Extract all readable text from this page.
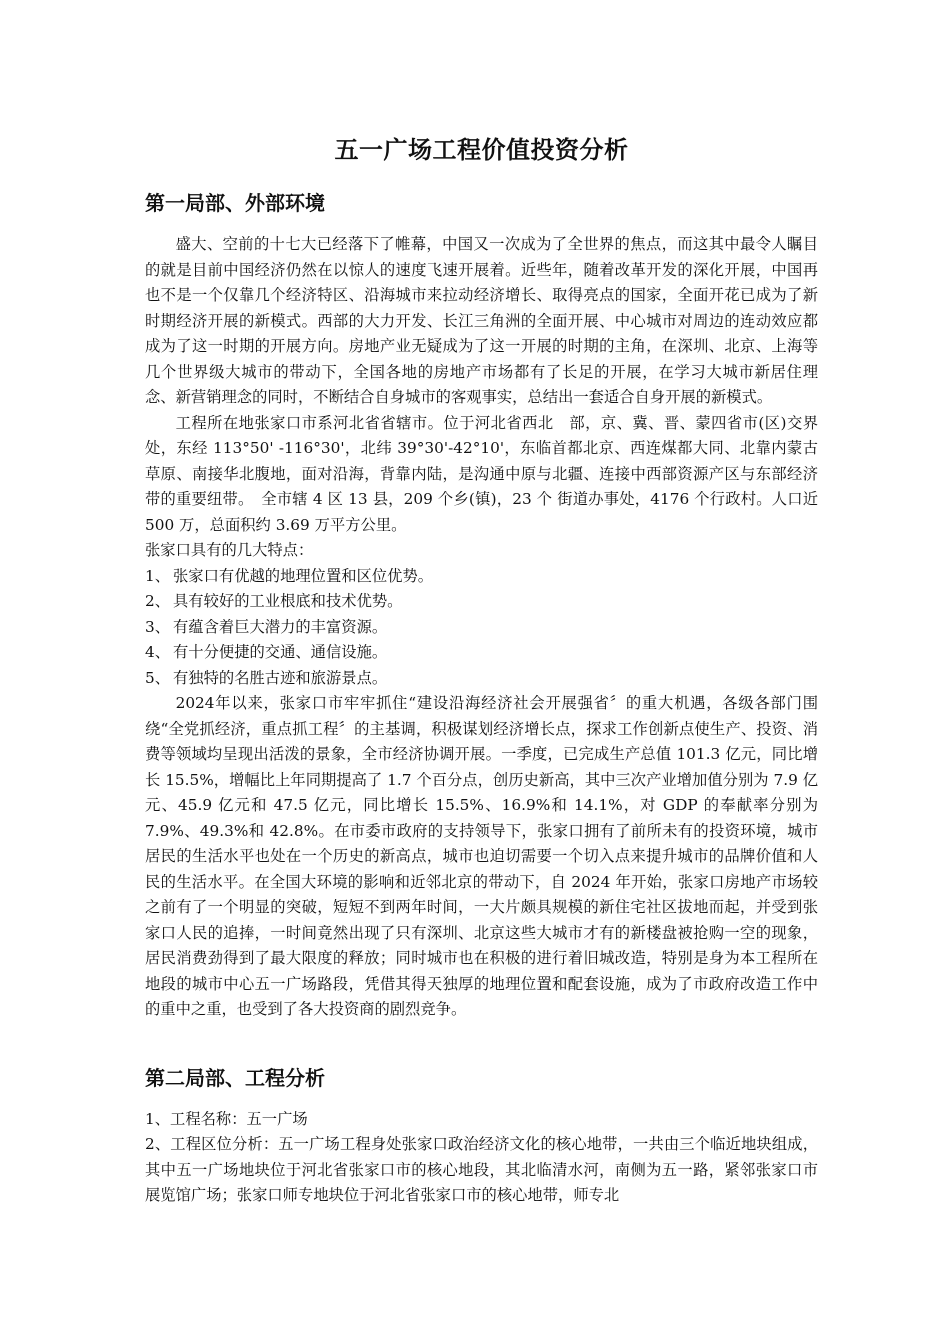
五一广场工程价值投资分析
第一局部、外部环境

盛大、空前的十七大已经落下了帷幕，中国又一次成为了全世界的焦点，而这其中最令人瞩目的就是目前中国经济仍然在以惊人的速度飞速开展着。近些年，随着改革开发的深化开展，中国再也不是一个仅靠几个经济特区、沿海城市来拉动经济增长、取得亮点的国家，全面开花已成为了新时期经济开展的新模式。西部的大力开发、长江三角洲的全面开展、中心城市对周边的连动效应都成为了这一时期的开展方向。房地产业无疑成为了这一开展的时期的主角，在深圳、北京、上海等几个世界级大城市的带动下，全国各地的房地产市场都有了长足的开展，在学习大城市新居住理念、新营销理念的同时，不断结合自身城市的客观事实，总结出一套适合自身开展的新模式。

工程所在地张家口市系河北省省辖市。位于河北省西北　部，京、冀、晋、蒙四省市(区)交界处，东经 113°50' -116°30'，北纬 39°30'-42°10'，东临首都北京、西连煤都大同、北靠内蒙古草原、南接华北腹地，面对沿海，背靠内陆，是沟通中原与北疆、连接中西部资源产区与东部经济带的重要纽带。　全市辖 4 区 13 县，209 个乡(镇)，23 个 街道办事处，4176 个行政村。人口近 500 万，总面积约 3.69 万平方公里。

张家口具有的几大特点：

1、 张家口有优越的地理位置和区位优势。
2、 具有较好的工业根底和技术优势。
3、 有蕴含着巨大潜力的丰富资源。
4、 有十分便捷的交通、通信设施。
5、 有独特的名胜古迹和旅游景点。

2024年以来，张家口市牢牢抓住“建设沿海经济社会开展强省〞的重大机遇，各级各部门围绕“全党抓经济，重点抓工程〞的主基调，积极谋划经济增长点，探求工作创新点使生产、投资、消费等领域均呈现出活泼的景象，全市经济协调开展。一季度，已完成生产总值 101.3 亿元，同比增长 15.5%，增幅比上年同期提高了 1.7 个百分点，创历史新高，其中三次产业增加值分别为 7.9 亿元、45.9 亿元和 47.5 亿元，同比增长 15.5%、16.9%和 14.1%，对 GDP 的奉献率分别为 7.9%、49.3%和 42.8%。在市委市政府的支持领导下，张家口拥有了前所未有的投资环境，城市居民的生活水平也处在一个历史的新高点，城市也迫切需要一个切入点来提升城市的品牌价值和人民的生活水平。在全国大环境的影响和近邻北京的带动下，自 2024 年开始，张家口房地产市场较之前有了一个明显的突破，短短不到两年时间，一大片颇具规模的新住宅社区拔地而起，并受到张家口人民的追捧，一时间竟然出现了只有深圳、北京这些大城市才有的新楼盘被抢购一空的现象，居民消费劲得到了最大限度的释放；同时城市也在积极的进行着旧城改造，特别是身为本工程所在地段的城市中心五一广场路段，凭借其得天独厚的地理位置和配套设施，成为了市政府改造工作中的重中之重，也受到了各大投资商的剧烈竞争。

第二局部、工程分析

1、工程名称：五一广场

2、工程区位分析：五一广场工程身处张家口政治经济文化的核心地带，一共由三个临近地块组成，其中五一广场地块位于河北省张家口市的核心地段，其北临清水河，南侧为五一路，紧邻张家口市展览馆广场；张家口师专地块位于河北省张家口市的核心地带，师专北
